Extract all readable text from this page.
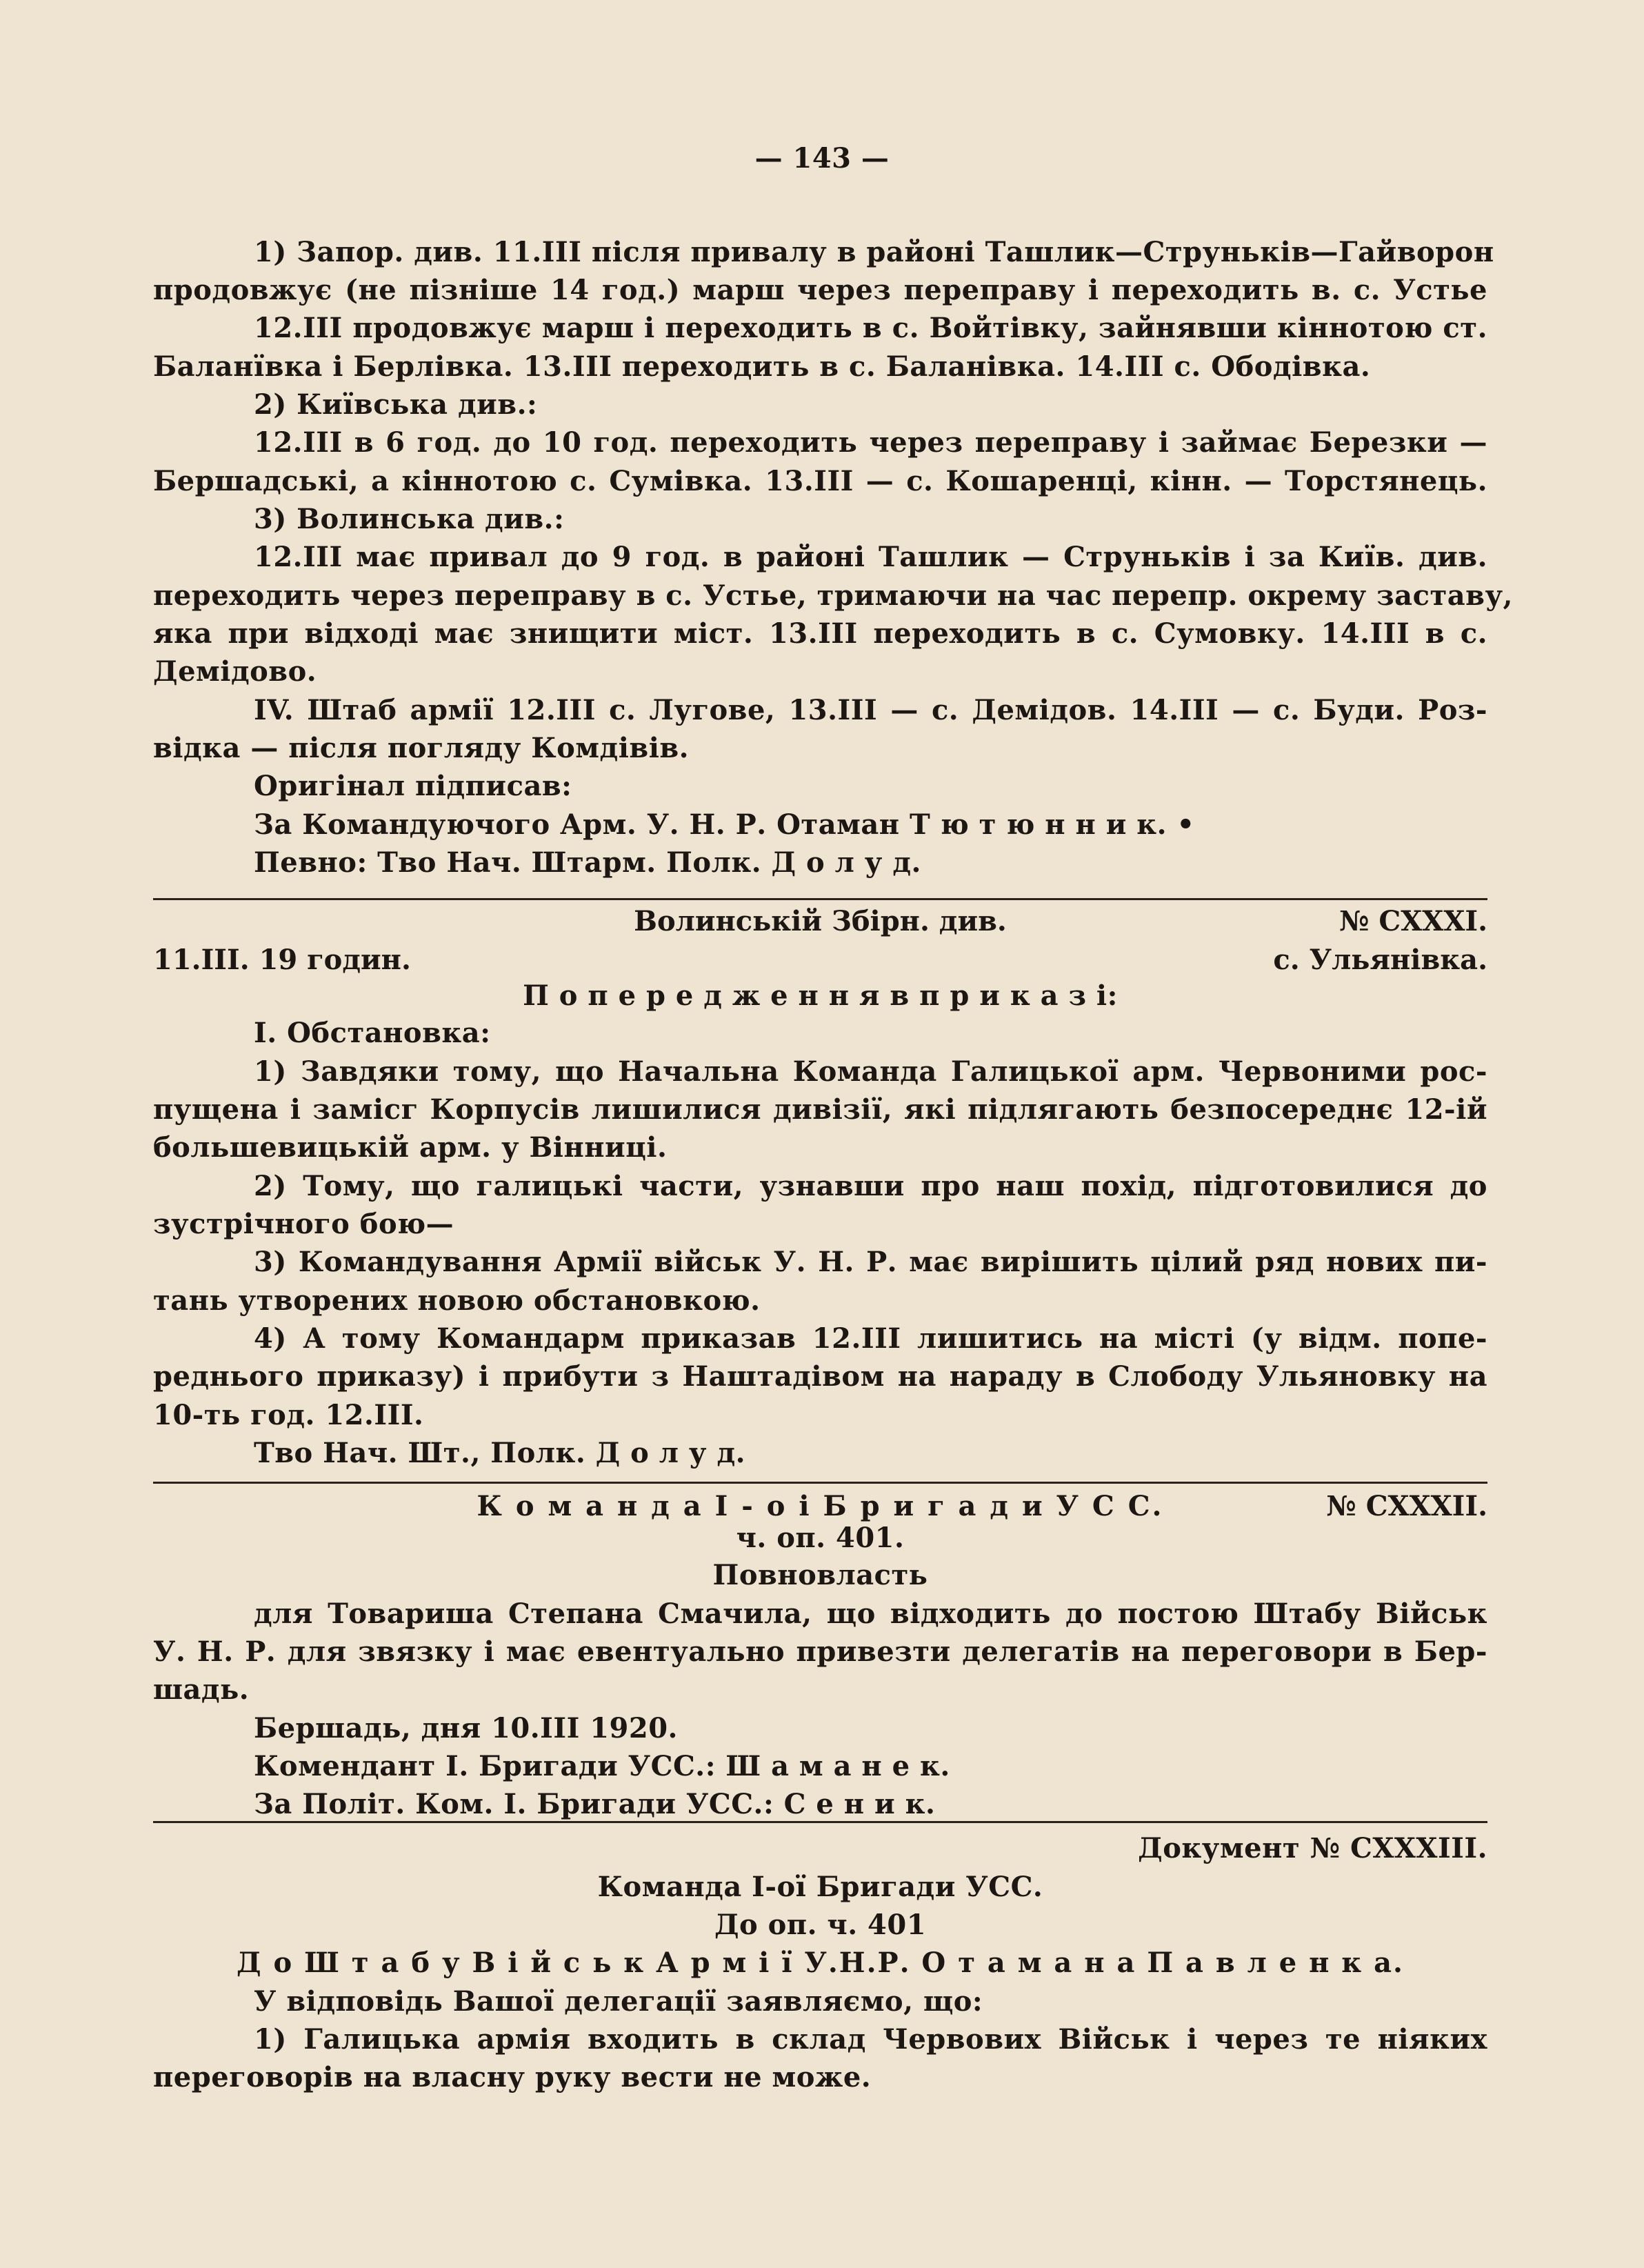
— 143 —
1) Запор. див. 11.III після привалу в районі Ташлик—Струньків—Гайворон
продовжує (не пізніше 14 год.) марш через переправу і переходить в. с. Устье
12.III продовжує марш і переходить в с. Войтівку, зайнявши кіннотою ст.
Баланївка і Берлівка. 13.III переходить в с. Баланівка. 14.III с. Ободівка.
2) Київська див.:
12.III в 6 год. до 10 год. переходить через переправу і займає Березки —
Бершадські, а кіннотою с. Сумівка. 13.III — с. Кошаренці, кінн. — Торстянець.
3) Волинська див.:
12.III має привал до 9 год. в районі Ташлик — Струньків і за Київ. див.
переходить через переправу в с. Устье, тримаючи на час перепр. окрему заставу,
яка при відході має знищити міст. 13.III переходить в с. Сумовку. 14.III в с.
Демідово.
IV. Штаб армії 12.III с. Лугове, 13.III — с. Демідов. 14.III — с. Буди. Роз-
відка — після погляду Комдівів.
Оригінал підписав:
За Командуючого Арм. У. Н. Р. Отаман Т ю т ю н н и к. •
Певно: Тво Нач. Штарм. Полк. Д о л у д.
Волинській Збірн. див.	№ CXXXI.
11.III. 19 годин.	с. Ульянівка.
П о п е р е д ж е н н я в п р и к а з і:
I. Обстановка:
1) Завдяки тому, що Начальна Команда Галицької арм. Червоними рос-
пущена і замісг Корпусів лишилися дивізії, які підлягають безпосереднє 12-ій
большевицькій арм. у Вінниці.
2) Тому, що галицькі части, узнавши про наш похід, підготовилися до
зустрічного бою—
3) Командування Армії військ У. Н. Р. має вирішить цілий ряд нових пи-
тань утворених новою обстановкою.
4) А тому Командарм приказав 12.III лишитись на місті (у відм. попе-
реднього приказу) і прибути з Наштадівом на нараду в Слободу Ульяновку на
10-ть год. 12.III.
Тво Нач. Шт., Полк. Д о л у д.
К о м а н д а I - о і Б р и г а д и У С С.	№ CXXXII.
ч. оп. 401.
Повновласть
для Товариша Степана Смачила, що відходить до постою Штабу Військ
У. Н. Р. для звязку і має евентуально привезти делегатів на переговори в Бер-
шадь.
Бершадь, дня 10.III 1920.
Комендант I. Бригади УСС.: Ш а м а н е к.
За Політ. Ком. I. Бригади УСС.: С е н и к.
Документ № CXXXIII.
Команда I-ої Бригади УСС.
До оп. ч. 401
Д о Ш т а б у В і й с ь к А р м і ї У.Н.Р. О т а м а н а П а в л е н к а.
У відповідь Вашої делегації заявляємо, що:
1) Галицька армія входить в склад Червових Військ і через те ніяких
переговорів на власну руку вести не може.
